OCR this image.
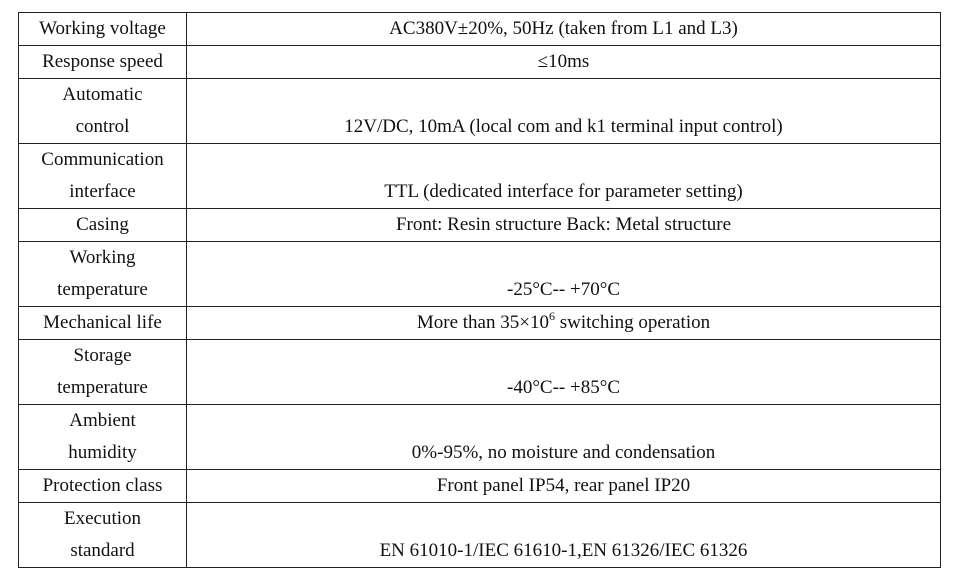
Working voltage	AC380V±20%, 50Hz (taken from L1 and L3)

Response speed	≤10ms

Automatic
control	12V/DC, 10mA (local com and k1 terminal input control)

Communication
interface	TTL (dedicated interface for parameter setting)

Casing	Front: Resin structure Back: Metal structure

Working
temperature	-25°C-- +70°C

Mechanical life	More than $35\times 10^6$ switching operation

Storage
temperature	-40°C-- +85°C

Ambient
humidity	0%-95%, no moisture and condensation

Protection class	Front panel IP54, rear panel IP20

Execution
standard	EN 61010-1/IEC 61610-1,EN 61326/IEC 61326
